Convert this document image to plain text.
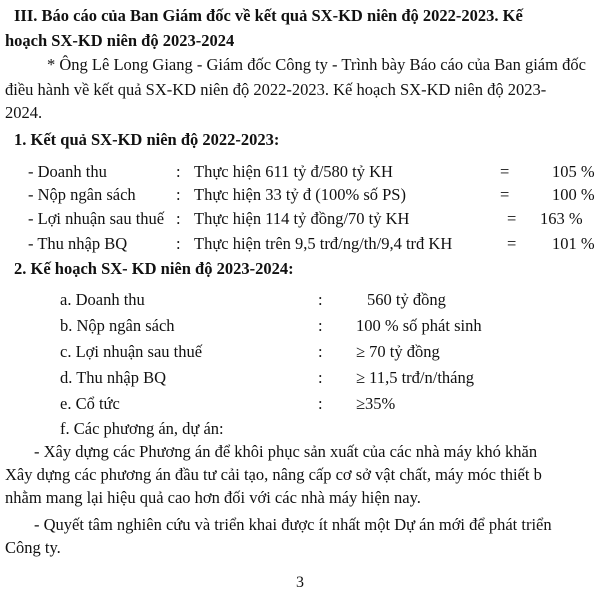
III. Báo cáo của Ban Giám đốc về kết quả SX-KD niên độ 2022-2023. Kế
hoạch SX-KD niên độ 2023-2024
* Ông Lê Long Giang - Giám đốc Công ty - Trình bày Báo cáo của Ban giám đốc
điều hành về kết quả SX-KD niên độ 2022-2023. Kế hoạch SX-KD niên độ 2023-
2024.
1. Kết quả SX-KD niên độ 2022-2023:
- Doanh thu	: Thực hiện 611 tỷ đ/580 tỷ KH	=	105 %
- Nộp ngân sách : Thực hiện 33 tỷ đ (100% số PS)	=	100 %
- Lợi nhuận sau thuế : Thực hiện 114 tỷ đồng/70 tỷ KH	= 163 %
- Thu nhập BQ	: Thực hiện trên 9,5 trđ/ng/th/9,4 trđ KH	= 101 %
2. Kế hoạch SX- KD niên độ 2023-2024:
a. Doanh thu	:	560 tỷ đồng
b. Nộp ngân sách	: 100 % số phát sinh
c. Lợi nhuận sau thuế	: ≥ 70 tỷ đồng
d. Thu nhập BQ	: ≥ 11,5 trđ/n/tháng
e. Cổ tức	: ≥35%
f. Các phương án, dự án:
- Xây dựng các Phương án để khôi phục sản xuất của các nhà máy khó khăn
Xây dựng các phương án đầu tư cải tạo, nâng cấp cơ sở vật chất, máy móc thiết b
nhằm mang lại hiệu quả cao hơn đối với các nhà máy hiện nay.
- Quyết tâm nghiên cứu và triển khai được ít nhất một Dự án mới để phát triển
Công ty.
3
